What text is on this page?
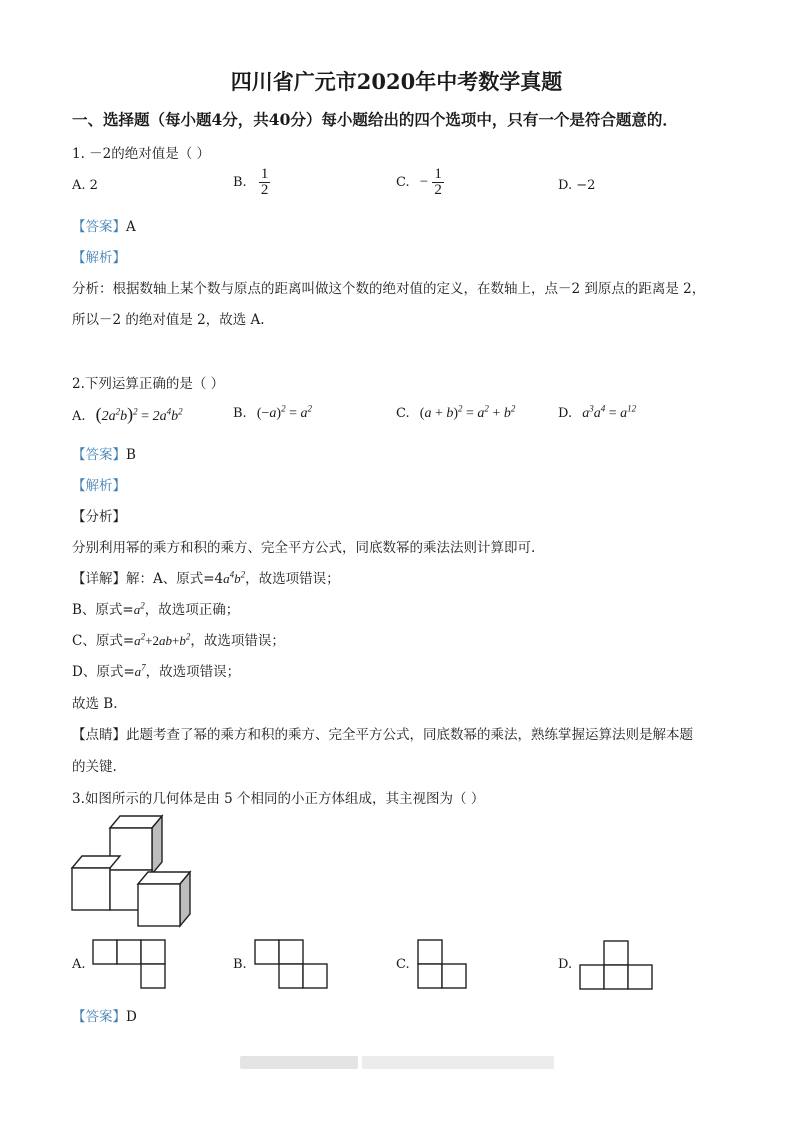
四川省广元市2020年中考数学真题
一、选择题（每小题4分，共40分）每小题给出的四个选项中，只有一个是符合题意的．
1. －2的绝对值是（ ）
A. 2	B. $\frac{1}{2}$	C. − $\frac{1}{2}$	D. −2
【答案】A
【解析】
分析：根据数轴上某个数与原点的距离叫做这个数的绝对值的定义，在数轴上，点－2 到原点的距离是 2，
所以－2 的绝对值是 2，故选 A.
2.下列运算正确的是（ ）
A. $(2a^2b)^2 = 2a^4b^2$	B. $(-a)^2 = a^2$	C. $(a + b)^2 = a^2 + b^2$	D. $a^3a^4 = a^{12}$
【答案】B
【解析】
【分析】
分别利用幂的乘方和积的乘方、完全平方公式，同底数幂的乘法法则计算即可.
【详解】解：A、原式$=4a^4b^2$，故选项错误；
B、原式$=a^2$，故选项正确；
C、原式$=a^2+2ab+b^2$，故选项错误；
D、原式$=a^7$，故选项错误；
故选 B.
【点睛】此题考查了幂的乘方和积的乘方、完全平方公式，同底数幂的乘法，熟练掌握运算法则是解本题
的关键.
3.如图所示的几何体是由 5 个相同的小正方体组成，其主视图为（ ）
A.	B.	C.	D.
【答案】D
